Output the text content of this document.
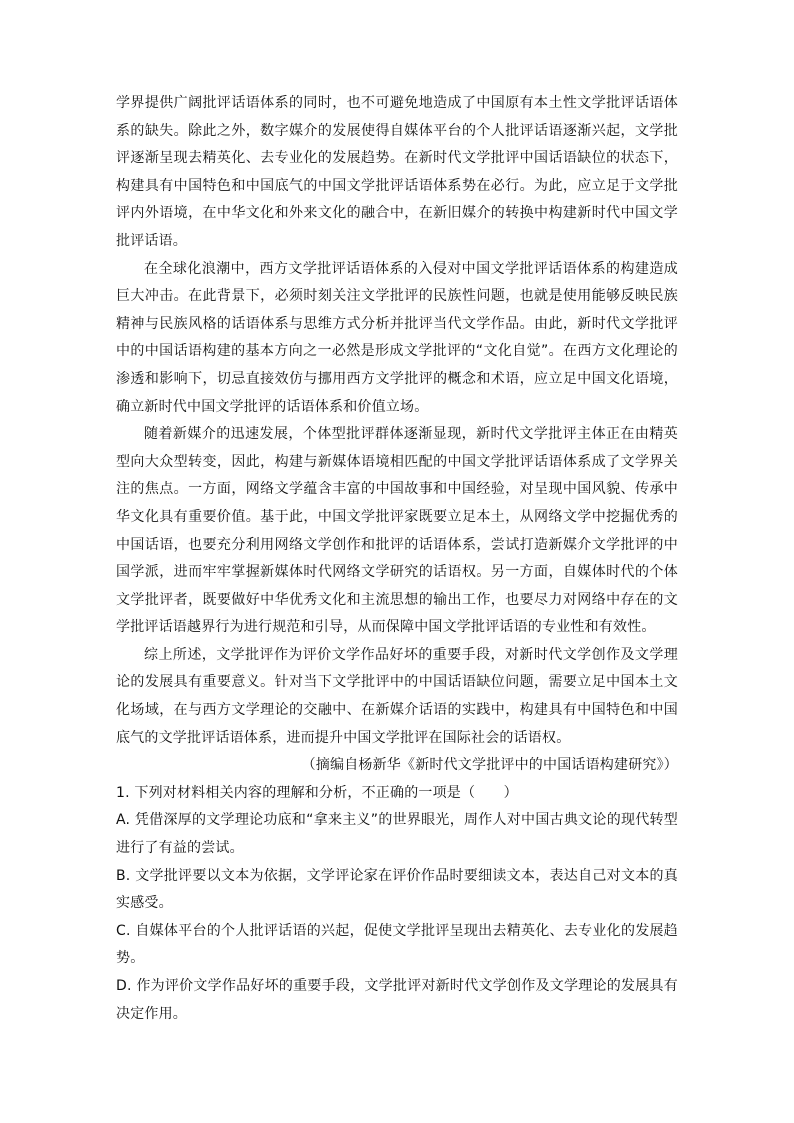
学界提供广阔批评话语体系的同时，也不可避免地造成了中国原有本土性文学批评话语体系的缺失。除此之外，数字媒介的发展使得自媒体平台的个人批评话语逐渐兴起，文学批评逐渐呈现去精英化、去专业化的发展趋势。在新时代文学批评中国话语缺位的状态下，构建具有中国特色和中国底气的中国文学批评话语体系势在必行。为此，应立足于文学批评内外语境，在中华文化和外来文化的融合中，在新旧媒介的转换中构建新时代中国文学批评话语。

在全球化浪潮中，西方文学批评话语体系的入侵对中国文学批评话语体系的构建造成巨大冲击。在此背景下，必须时刻关注文学批评的民族性问题，也就是使用能够反映民族精神与民族风格的话语体系与思维方式分析并批评当代文学作品。由此，新时代文学批评中的中国话语构建的基本方向之一必然是形成文学批评的“文化自觉”。在西方文化理论的渗透和影响下，切忌直接效仿与挪用西方文学批评的概念和术语，应立足中国文化语境，确立新时代中国文学批评的话语体系和价值立场。

随着新媒介的迅速发展，个体型批评群体逐渐显现，新时代文学批评主体正在由精英型向大众型转变，因此，构建与新媒体语境相匹配的中国文学批评话语体系成了文学界关注的焦点。一方面，网络文学蕴含丰富的中国故事和中国经验，对呈现中国风貌、传承中华文化具有重要价值。基于此，中国文学批评家既要立足本土，从网络文学中挖掘优秀的中国话语，也要充分利用网络文学创作和批评的话语体系，尝试打造新媒介文学批评的中国学派，进而牢牢掌握新媒体时代网络文学研究的话语权。另一方面，自媒体时代的个体文学批评者，既要做好中华优秀文化和主流思想的输出工作，也要尽力对网络中存在的文学批评话语越界行为进行规范和引导，从而保障中国文学批评话语的专业性和有效性。

综上所述，文学批评作为评价文学作品好坏的重要手段，对新时代文学创作及文学理论的发展具有重要意义。针对当下文学批评中的中国话语缺位问题，需要立足中国本土文化场域，在与西方文学理论的交融中、在新媒介话语的实践中，构建具有中国特色和中国底气的文学批评话语体系，进而提升中国文学批评在国际社会的话语权。

（摘编自杨新华《新时代文学批评中的中国话语构建研究》）

1. 下列对材料相关内容的理解和分析，不正确的一项是（　　）

A. 凭借深厚的文学理论功底和“拿来主义”的世界眼光，周作人对中国古典文论的现代转型进行了有益的尝试。

B. 文学批评要以文本为依据，文学评论家在评价作品时要细读文本，表达自己对文本的真实感受。

C. 自媒体平台的个人批评话语的兴起，促使文学批评呈现出去精英化、去专业化的发展趋势。

D. 作为评价文学作品好坏的重要手段，文学批评对新时代文学创作及文学理论的发展具有决定作用。
